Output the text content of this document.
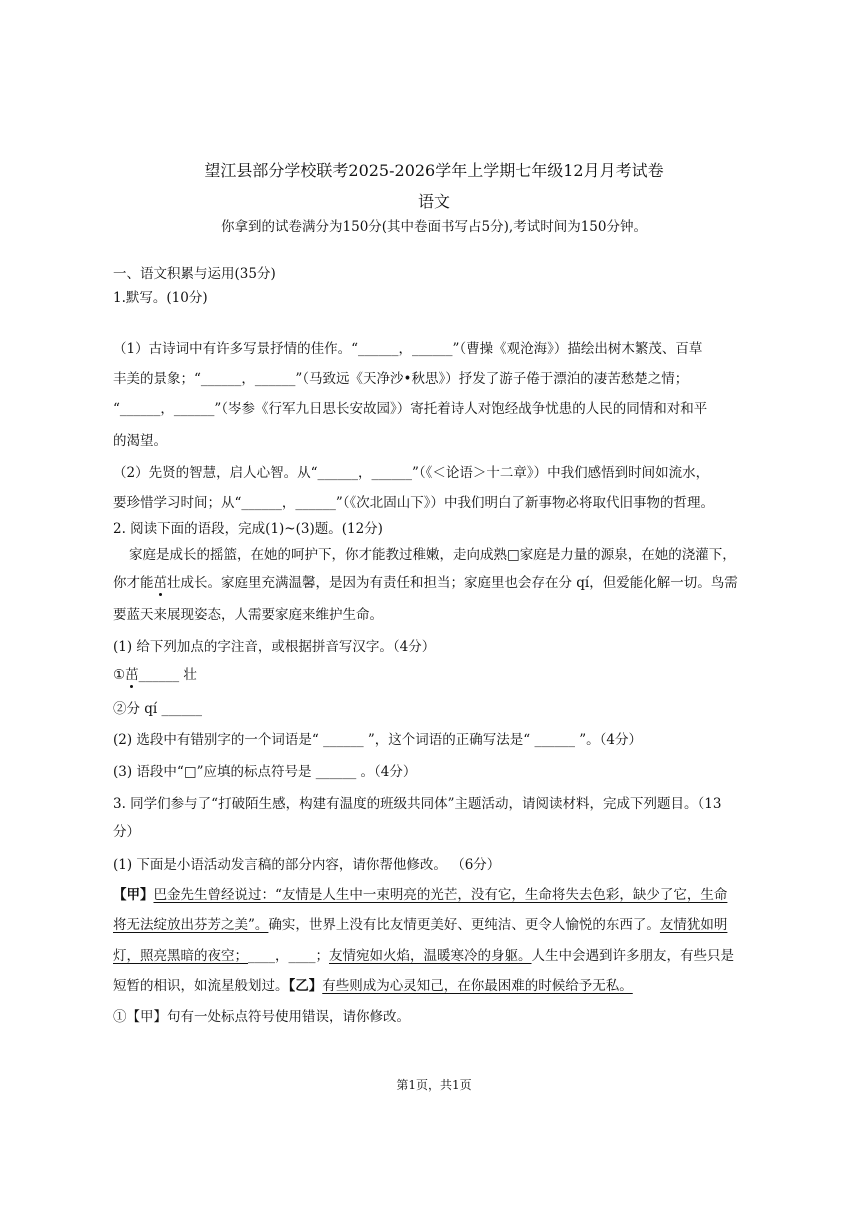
望江县部分学校联考2025-2026学年上学期七年级12月月考试卷
语文
你拿到的试卷满分为150分(其中卷面书写占5分),考试时间为150分钟。
一、语文积累与运用(35分)
1.默写。(10分)
（1）古诗词中有许多写景抒情的佳作。“______，______”（曹操《观沧海》）描绘出树木繁茂、百草
丰美的景象；“______，______”（马致远《天净沙•秋思》）抒发了游子倦于漂泊的凄苦愁楚之情；
“______，______”（岑参《行军九日思长安故园》）寄托着诗人对饱经战争忧患的人民的同情和对和平
的渴望。
（2）先贤的智慧，启人心智。从“______，______”（《＜论语＞十二章》）中我们感悟到时间如流水，
要珍惜学习时间；从“______，______”（《次北固山下》）中我们明白了新事物必将取代旧事物的哲理。
2. 阅读下面的语段，完成(1)~(3)题。(12分)
家庭是成长的摇篮，在她的呵护下，你才能教过稚嫩，走向成熟□家庭是力量的源泉，在她的浇灌下，
你才能茁壮成长。家庭里充满温馨，是因为有责任和担当；家庭里也会存在分 qí，但爱能化解一切。鸟需
要蓝天来展现姿态，人需要家庭来维护生命。
(1) 给下列加点的字注音，或根据拼音写汉字。（4分）
①茁______ 壮
②分 qí ______
(2) 选段中有错别字的一个词语是“ ______ ”，这个词语的正确写法是“ ______ ”。（4分）
(3) 语段中“□”应填的标点符号是 ______ 。（4分）
3. 同学们参与了“打破陌生感，构建有温度的班级共同体”主题活动，请阅读材料，完成下列题目。（13
分）
(1) 下面是小语活动发言稿的部分内容，请你帮他修改。 （6分）
【甲】巴金先生曾经说过：“友情是人生中一束明亮的光芒，没有它，生命将失去色彩，缺少了它，生命
将无法绽放出芬芳之美”。确实，世界上没有比友情更美好、更纯洁、更令人愉悦的东西了。友情犹如明
灯，照亮黑暗的夜空；____，____；友情宛如火焰，温暖寒冷的身躯。人生中会遇到许多朋友，有些只是
短暂的相识，如流星般划过。【乙】有些则成为心灵知己，在你最困难的时候给予无私。
①【甲】句有一处标点符号使用错误，请你修改。
第1页，共1页
